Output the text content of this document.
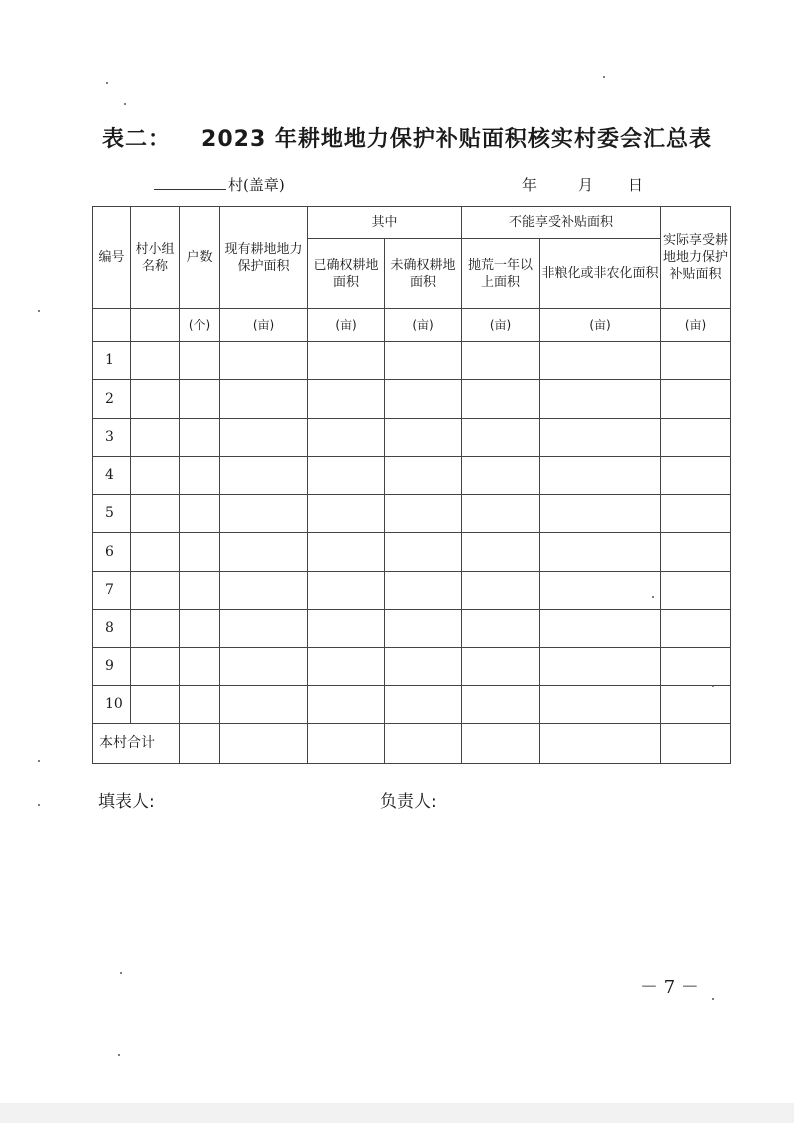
表二： 2023 年耕地地力保护补贴面积核实村委会汇总表
村(盖章)	年	月 日
编号	村小组名称	户数	现有耕地地力保护面积	其中		不能享受补贴面积		实际享受耕地地力保护补贴面积
				已确权耕地面积	未确权耕地面积	抛荒一年以上面积	非粮化或非农化面积	
		(个)	(亩)	(亩)	(亩)	(亩)	(亩)	(亩)
1								
2								
3								
4								
5								
6								
7								
8								
9								
10								
本村合计								
填表人:	负责人:
－ 7 －
